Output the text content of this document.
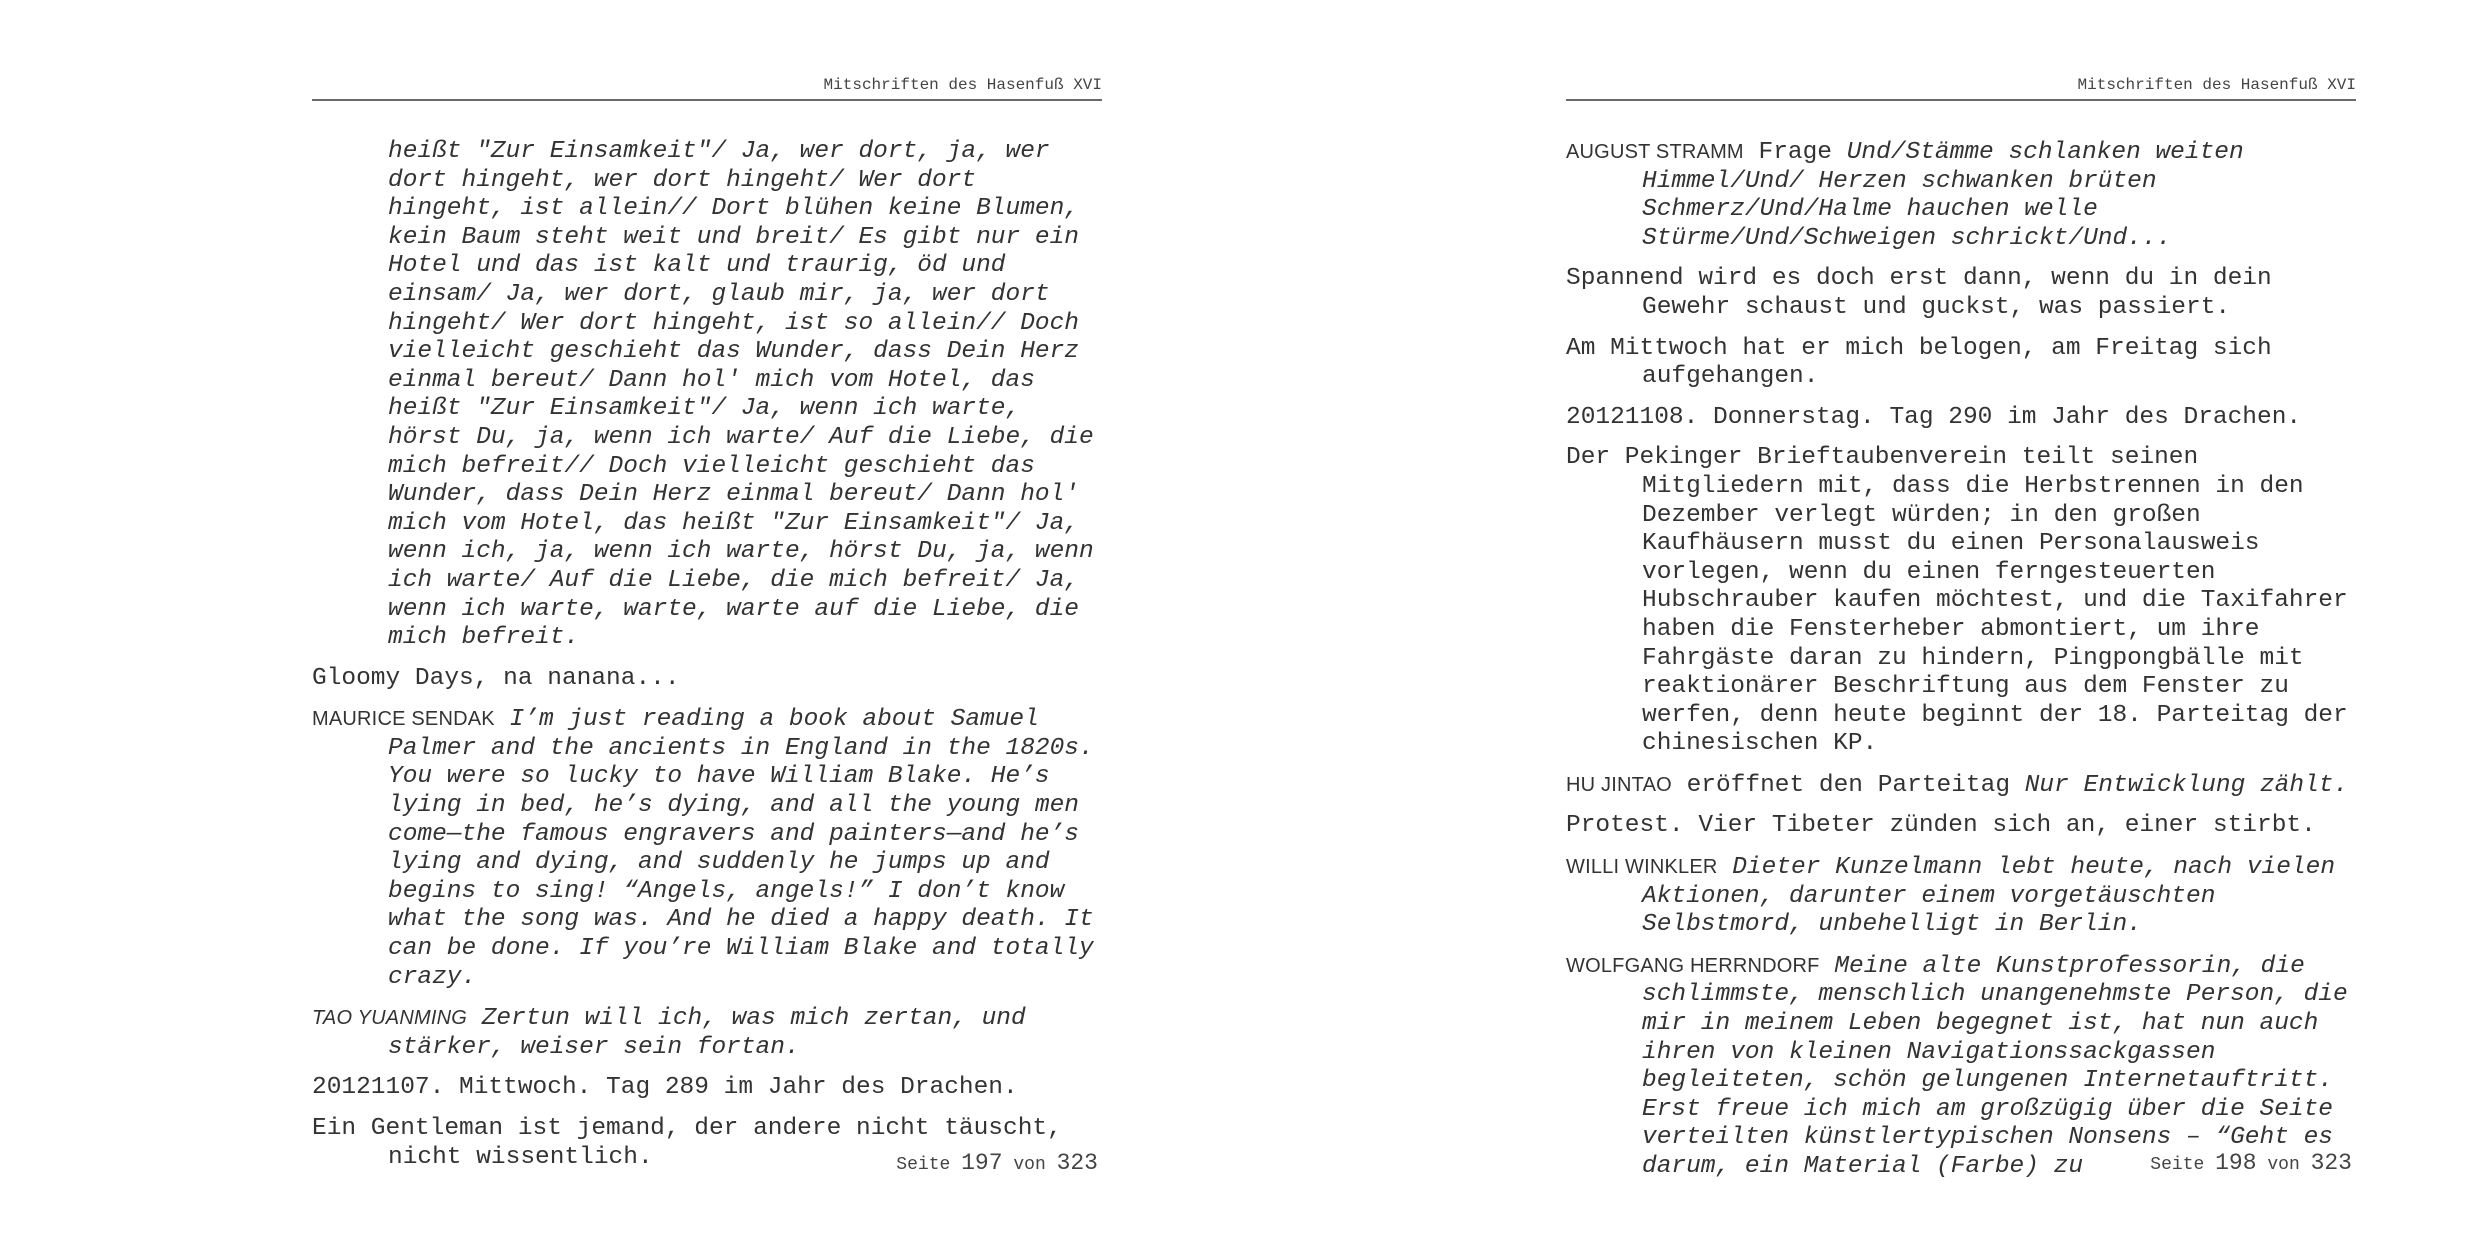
Mitschriften des Hasenfuß XVI

heißt "Zur Einsamkeit"/ Ja, wer dort, ja, wer dort hingeht, wer dort hingeht/ Wer dort hingeht, ist allein// Dort blühen keine Blumen, kein Baum steht weit und breit/ Es gibt nur ein Hotel und das ist kalt und traurig, öd und einsam/ Ja, wer dort, glaub mir, ja, wer dort hingeht/ Wer dort hingeht, ist so allein// Doch vielleicht geschieht das Wunder, dass Dein Herz einmal bereut/ Dann hol' mich vom Hotel, das heißt "Zur Einsamkeit"/ Ja, wenn ich warte, hörst Du, ja, wenn ich warte/ Auf die Liebe, die mich befreit// Doch vielleicht geschieht das Wunder, dass Dein Herz einmal bereut/ Dann hol' mich vom Hotel, das heißt "Zur Einsamkeit"/ Ja, wenn ich, ja, wenn ich warte, hörst Du, ja, wenn ich warte/ Auf die Liebe, die mich befreit/ Ja, wenn ich warte, warte, warte auf die Liebe, die mich befreit.

Gloomy Days, na nanana...

MAURICE SENDAK I’m just reading a book about Samuel Palmer and the ancients in England in the 1820s. You were so lucky to have William Blake. He’s lying in bed, he’s dying, and all the young men come—the famous engravers and painters—and he’s lying and dying, and suddenly he jumps up and begins to sing! “Angels, angels!” I don’t know what the song was. And he died a happy death. It can be done. If you’re William Blake and totally crazy.

TAO YUANMING Zertun will ich, was mich zertan, und stärker, weiser sein fortan.

20121107. Mittwoch. Tag 289 im Jahr des Drachen.

Ein Gentleman ist jemand, der andere nicht täuscht, nicht wissentlich.	Seite 197 von 323
Mitschriften des Hasenfuß XVI

AUGUST STRAMM Frage Und/Stämme schlanken weiten Himmel/Und/ Herzen schwanken brüten Schmerz/Und/Halme hauchen welle Stürme/Und/Schweigen schrickt/Und...

Spannend wird es doch erst dann, wenn du in dein Gewehr schaust und guckst, was passiert.

Am Mittwoch hat er mich belogen, am Freitag sich aufgehangen.

20121108. Donnerstag. Tag 290 im Jahr des Drachen.

Der Pekinger Brieftaubenverein teilt seinen Mitgliedern mit, dass die Herbstrennen in den Dezember verlegt würden; in den großen Kaufhäusern musst du einen Personalausweis vorlegen, wenn du einen ferngesteuerten Hubschrauber kaufen möchtest, und die Taxifahrer haben die Fensterheber abmontiert, um ihre Fahrgäste daran zu hindern, Pingpongbälle mit reaktionärer Beschriftung aus dem Fenster zu werfen, denn heute beginnt der 18. Parteitag der chinesischen KP.

HU JINTAO eröffnet den Parteitag Nur Entwicklung zählt.

Protest. Vier Tibeter zünden sich an, einer stirbt.

WILLI WINKLER Dieter Kunzelmann lebt heute, nach vielen Aktionen, darunter einem vorgetäuschten Selbstmord, unbehelligt in Berlin.

WOLFGANG HERRNDORF Meine alte Kunstprofessorin, die schlimmste, menschlich unangenehmste Person, die mir in meinem Leben begegnet ist, hat nun auch ihren von kleinen Navigationssackgassen begleiteten, schön gelungenen Internetauftritt. Erst freue ich mich am großzügig über die Seite verteilten künstlertypischen Nonsens – “Geht es darum, ein Material (Farbe) zu	Seite 198 von 323
